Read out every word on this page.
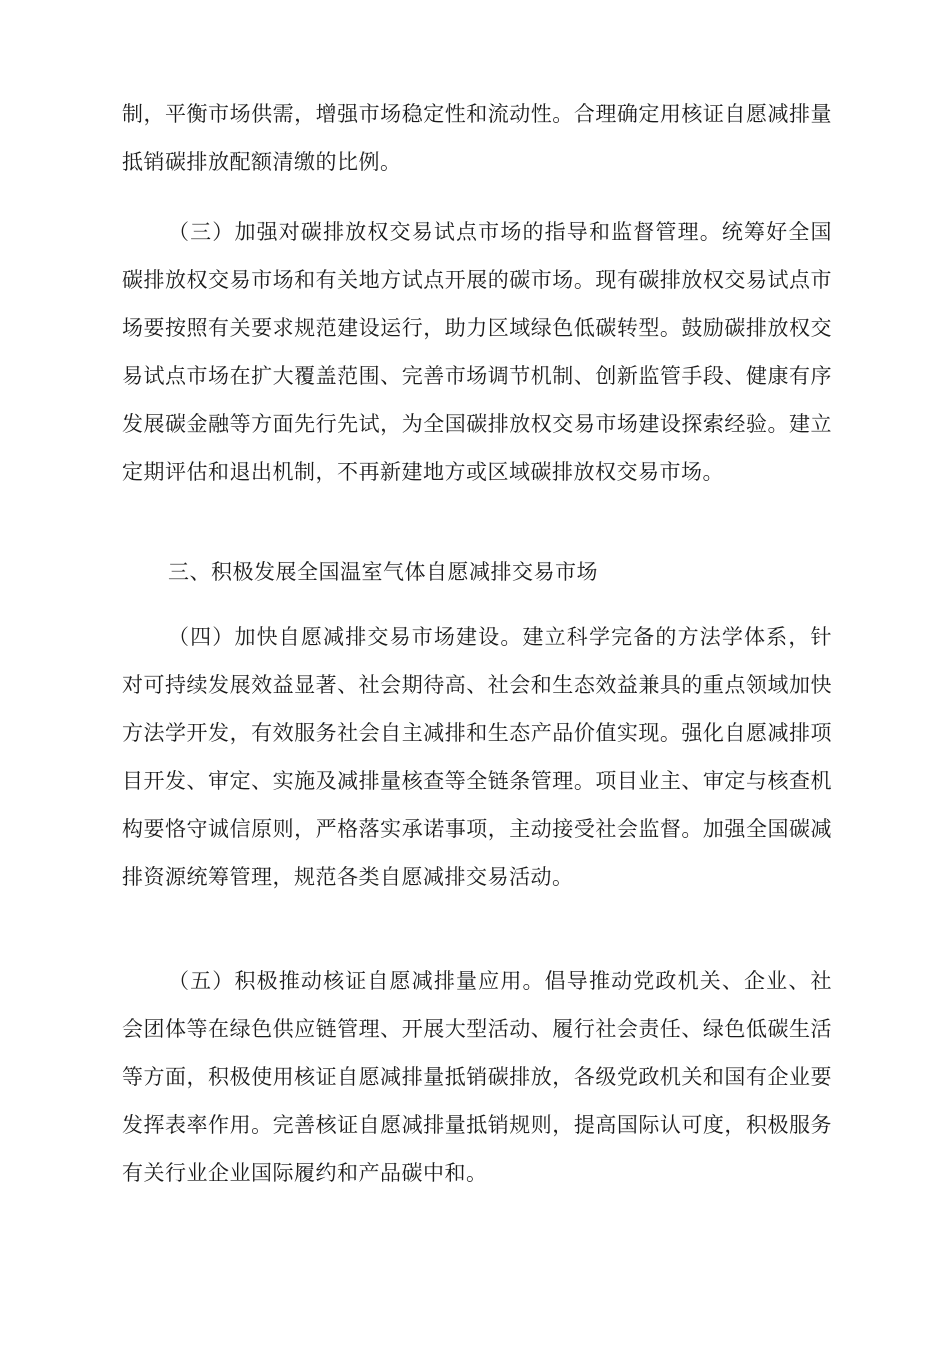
制，平衡市场供需，增强市场稳定性和流动性。合理确定用核证自愿减排量抵销碳排放配额清缴的比例。

（三）加强对碳排放权交易试点市场的指导和监督管理。统筹好全国碳排放权交易市场和有关地方试点开展的碳市场。现有碳排放权交易试点市场要按照有关要求规范建设运行，助力区域绿色低碳转型。鼓励碳排放权交易试点市场在扩大覆盖范围、完善市场调节机制、创新监管手段、健康有序发展碳金融等方面先行先试，为全国碳排放权交易市场建设探索经验。建立定期评估和退出机制，不再新建地方或区域碳排放权交易市场。

三、积极发展全国温室气体自愿减排交易市场

（四）加快自愿减排交易市场建设。建立科学完备的方法学体系，针对可持续发展效益显著、社会期待高、社会和生态效益兼具的重点领域加快方法学开发，有效服务社会自主减排和生态产品价值实现。强化自愿减排项目开发、审定、实施及减排量核查等全链条管理。项目业主、审定与核查机构要恪守诚信原则，严格落实承诺事项，主动接受社会监督。加强全国碳减排资源统筹管理，规范各类自愿减排交易活动。

（五）积极推动核证自愿减排量应用。倡导推动党政机关、企业、社会团体等在绿色供应链管理、开展大型活动、履行社会责任、绿色低碳生活等方面，积极使用核证自愿减排量抵销碳排放，各级党政机关和国有企业要发挥表率作用。完善核证自愿减排量抵销规则，提高国际认可度，积极服务有关行业企业国际履约和产品碳中和。
